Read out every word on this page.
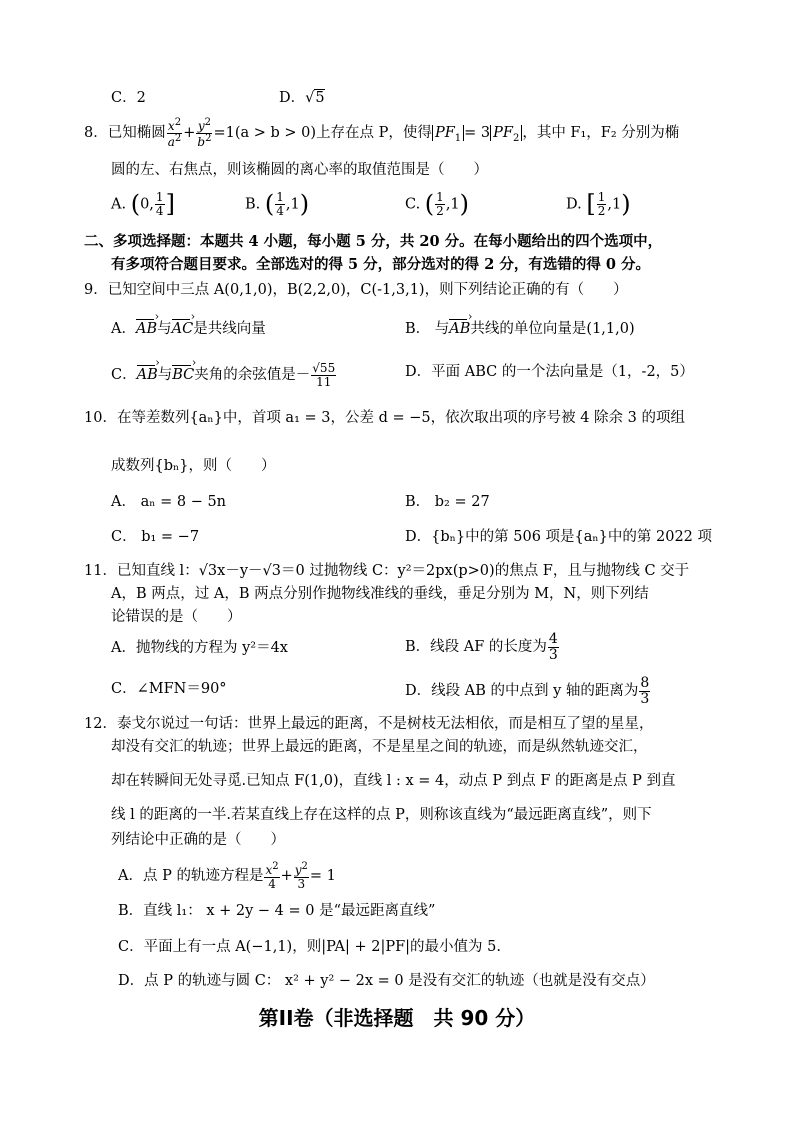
C．2	D．√5
8．已知椭圆 $\frac{x^2}{a^2} + \frac{y^2}{b^2} =1(a > b > 0)$上存在点 P，使得 $PF_1 = 3$ $PF_2$ ，其中 F₁，F₂ 分别为椭
圆的左、右焦点，则该椭圆的离心率的取值范围是（　　）
A. (0, $\frac{1}{4}$ ]	B. ( $\frac{1}{4} ,1$)	C. ( $\frac{1}{2} ,1$)	D. [ $\frac{1}{2} ,1$)
二、多项选择题：本题共 4 小题，每小题 5 分，共 20 分。在每小题给出的四个选项中，
有多项符合题目要求。全部选对的得 5 分，部分选对的得 2 分，有选错的得 0 分。
9．已知空间中三点 A(0,1,0)，B(2,2,0)，C(-1,3,1)，则下列结论正确的有（　　）
A．AB ›与AC ›是共线向量	B． 与AB ›共线的单位向量是(1,1,0)
C．AB ›与BC ›夹角的余弦值是－ $\frac{√55}{11}$	D．平面 ABC 的一个法向量是（1，-2，5）
10．在等差数列{aₙ}中，首项 a₁ = 3，公差 d = −5，依次取出项的序号被 4 除余 3 的项组
成数列{bₙ}，则（　　）
A． aₙ = 8 − 5n	B． b₂ = 27
C． b₁ = −7	D．{bₙ}中的第 506 项是{aₙ}中的第 2022 项
11．已知直线 l：√3x－y－√3＝0 过抛物线 C：y²＝2px(p>0)的焦点 F，且与抛物线 C 交于
A，B 两点，过 A，B 两点分别作抛物线准线的垂线，垂足分别为 M，N，则下列结
论错误的是（　　）
A．抛物线的方程为 y²＝4x	B．线段 AF 的长度为 $\frac{4}{3}$
C．∠MFN＝90°	D．线段 AB 的中点到 y 轴的距离为 $\frac{8}{3}$
12．泰戈尔说过一句话：世界上最远的距离，不是树枝无法相依，而是相互了望的星星，
却没有交汇的轨迹；世界上最远的距离，不是星星之间的轨迹，而是纵然轨迹交汇，
却在转瞬间无处寻觅.已知点 F(1,0)，直线 l : x = 4，动点 P 到点 F 的距离是点 P 到直
线 l 的距离的一半.若某直线上存在这样的点 P，则称该直线为“最远距离直线”，则下
列结论中正确的是（　　）
A．点 P 的轨迹方程是 $\frac{x^2}{4} + \frac{y^2}{3} = 1$
B．直线 l₁： x + 2y − 4 = 0 是“最远距离直线”
C．平面上有一点 A(−1,1)，则|PA| + 2|PF|的最小值为 5.
D．点 P 的轨迹与圆 C： x² + y² − 2x = 0 是没有交汇的轨迹（也就是没有交点）
第II卷（非选择题　共 90 分）
